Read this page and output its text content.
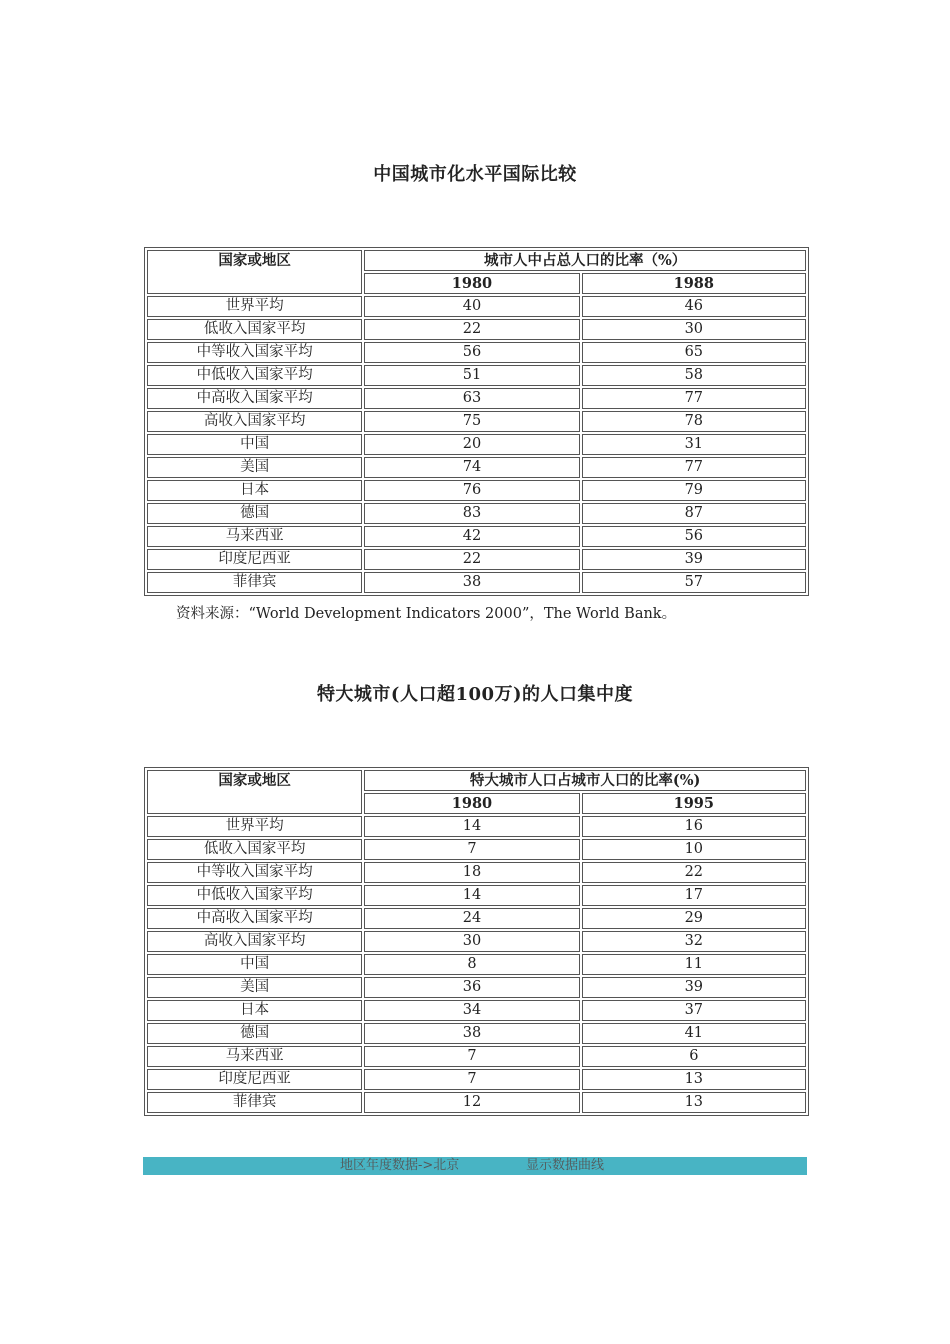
中国城市化水平国际比较
国家或地区	城市人中占总人口的比率（%）	
	1980	1988
世界平均	40	46
低收入国家平均	22	30
中等收入国家平均	56	65
中低收入国家平均	51	58
中高收入国家平均	63	77
高收入国家平均	75	78
中国	20	31
美国	74	77
日本	76	79
德国	83	87
马来西亚	42	56
印度尼西亚	22	39
菲律宾	38	57
资料来源：“World Development Indicators 2000”，The World Bank。
特大城市(人口超100万)的人口集中度
国家或地区	特大城市人口占城市人口的比率(%)	
	1980	1995
世界平均	14	16
低收入国家平均	7	10
中等收入国家平均	18	22
中低收入国家平均	14	17
中高收入国家平均	24	29
高收入国家平均	30	32
中国	8	11
美国	36	39
日本	34	37
德国	38	41
马来西亚	7	6
印度尼西亚	7	13
菲律宾	12	13
地区年度数据->北京	显示数据曲线
